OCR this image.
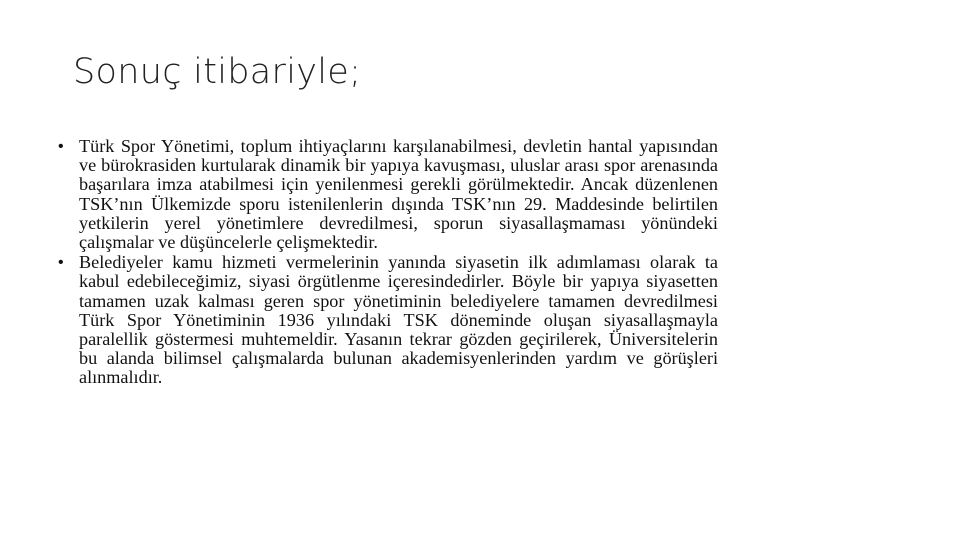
Sonuç itibariyle;
• Türk Spor Yönetimi, toplum ihtiyaçlarını karşılanabilmesi, devletin hantal yapısından ve bürokrasiden kurtularak dinamik bir yapıya kavuşması, uluslar arası spor arenasında başarılara imza atabilmesi için yenilenmesi gerekli görülmektedir. Ancak düzenlenen TSK’nın Ülkemizde sporu istenilenlerin dışında TSK’nın 29. Maddesinde belirtilen yetkilerin yerel yönetimlere devredilmesi, sporun siyasallaşmaması yönündeki çalışmalar ve düşüncelerle çelişmektedir.
• Belediyeler kamu hizmeti vermelerinin yanında siyasetin ilk adımlaması olarak ta kabul edebileceğimiz, siyasi örgütlenme içeresindedirler. Böyle bir yapıya siyasetten tamamen uzak kalması geren spor yönetiminin belediyelere tamamen devredilmesi Türk Spor Yönetiminin 1936 yılındaki TSK döneminde oluşan siyasallaşmayla paralellik göstermesi muhtemeldir. Yasanın tekrar gözden geçirilerek, Üniversitelerin bu alanda bilimsel çalışmalarda bulunan akademisyenlerinden yardım ve görüşleri alınmalıdır.
